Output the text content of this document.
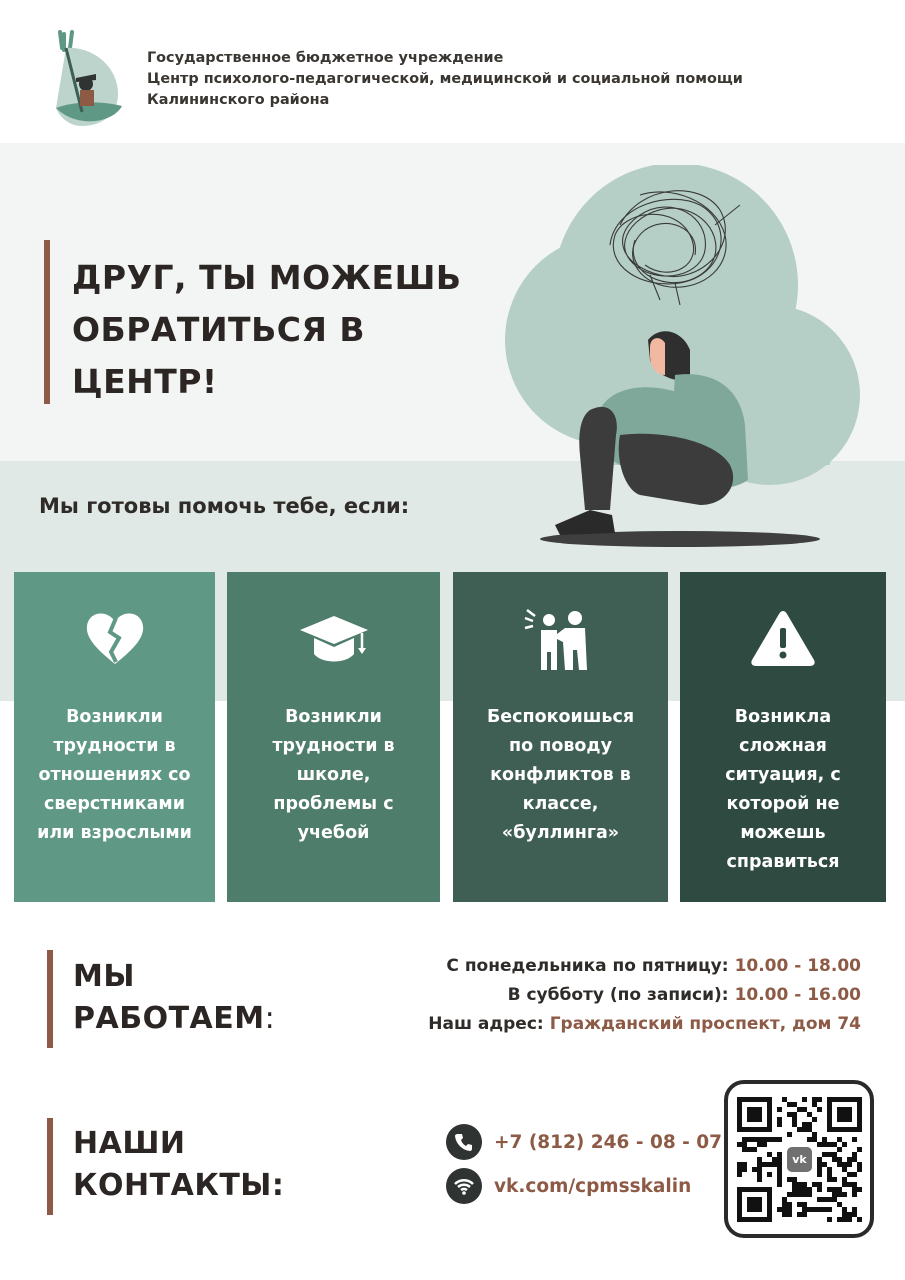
Государственное бюджетное учреждение
Центр психолого-педагогической, медицинской и социальной помощи
Калининского района
ДРУГ, ТЫ МОЖЕШЬ
ОБРАТИТЬСЯ В
ЦЕНТР!
Мы готовы помочь тебе, если:
Возникли
трудности в
отношениях со
сверстниками
или взрослыми
Возникли
трудности в
школе,
проблемы с
учебой
Беспокоишься
по поводу
конфликтов в
классе,
«буллинга»
Возникла
сложная
ситуация, с
которой не
можешь
справиться
МЫ
РАБОТАЕМ:
С понедельника по пятницу: 10.00 - 18.00
В субботу (по записи): 10.00 - 16.00
Наш адрес: Гражданский проспект, дом 74
НАШИ
КОНТАКТЫ:
+7 (812) 246 - 08 - 07
vk.com/cpmsskalin
vk
